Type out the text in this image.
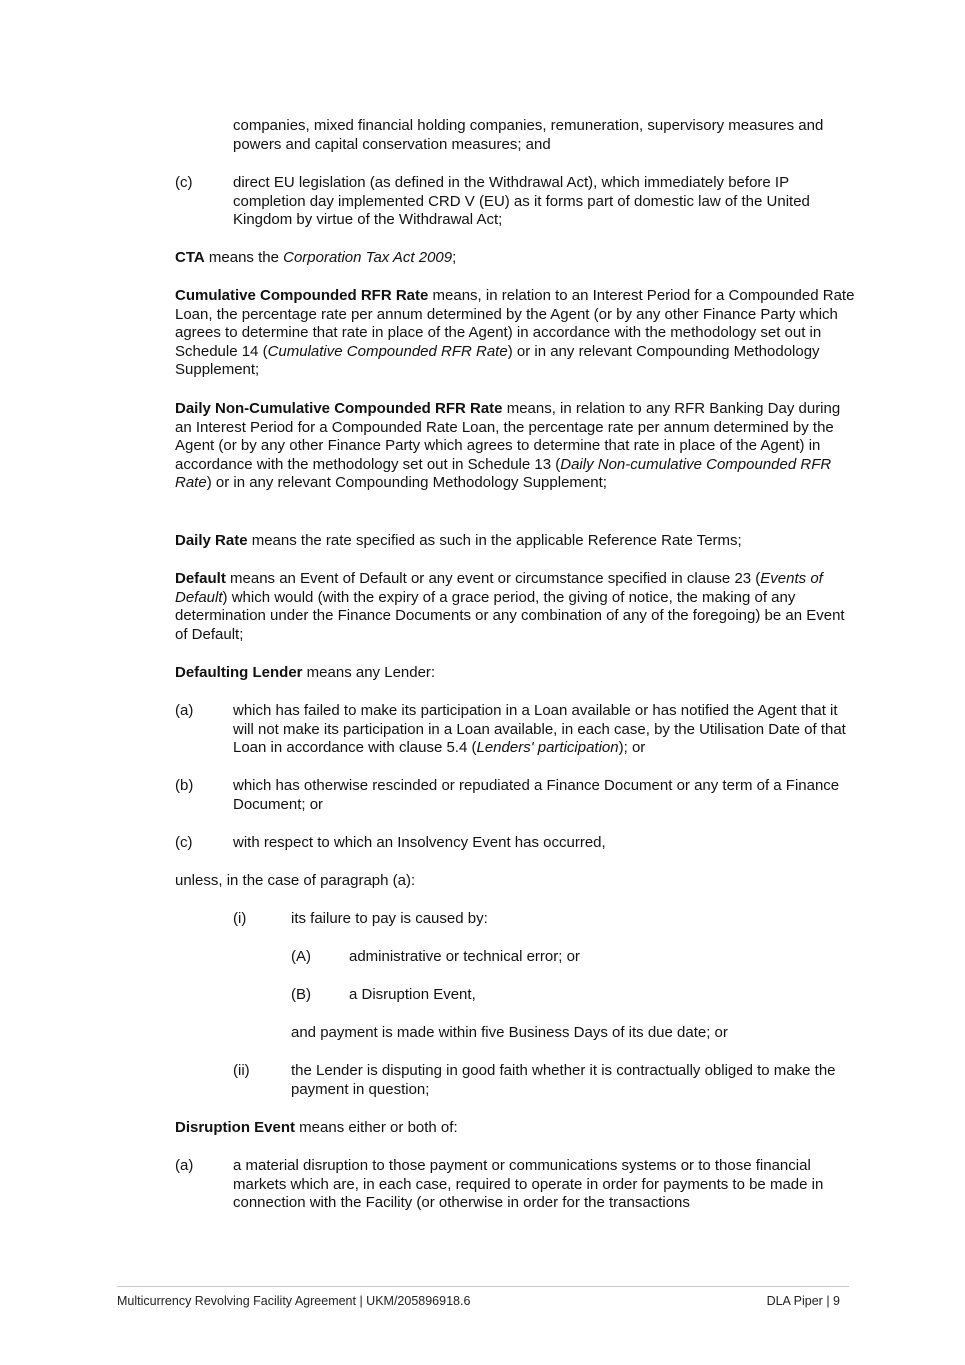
companies, mixed financial holding companies, remuneration, supervisory measures and powers and capital conservation measures; and

(c)	direct EU legislation (as defined in the Withdrawal Act), which immediately before IP completion day implemented CRD V (EU) as it forms part of domestic law of the United Kingdom by virtue of the Withdrawal Act;

CTA means the Corporation Tax Act 2009;

Cumulative Compounded RFR Rate means, in relation to an Interest Period for a Compounded Rate Loan, the percentage rate per annum determined by the Agent (or by any other Finance Party which agrees to determine that rate in place of the Agent) in accordance with the methodology set out in Schedule 14 (Cumulative Compounded RFR Rate) or in any relevant Compounding Methodology Supplement;

Daily Non-Cumulative Compounded RFR Rate means, in relation to any RFR Banking Day during an Interest Period for a Compounded Rate Loan, the percentage rate per annum determined by the Agent (or by any other Finance Party which agrees to determine that rate in place of the Agent) in accordance with the methodology set out in Schedule 13 (Daily Non-cumulative Compounded RFR Rate) or in any relevant Compounding Methodology Supplement;

Daily Rate means the rate specified as such in the applicable Reference Rate Terms;

Default means an Event of Default or any event or circumstance specified in clause 23 (Events of Default) which would (with the expiry of a grace period, the giving of notice, the making of any determination under the Finance Documents or any combination of any of the foregoing) be an Event of Default;

Defaulting Lender means any Lender:

(a)	which has failed to make its participation in a Loan available or has notified the Agent that it will not make its participation in a Loan available, in each case, by the Utilisation Date of that Loan in accordance with clause 5.4 (Lenders' participation); or

(b)	which has otherwise rescinded or repudiated a Finance Document or any term of a Finance Document; or

(c)	with respect to which an Insolvency Event has occurred,

unless, in the case of paragraph (a):

(i)	its failure to pay is caused by:

(A)	administrative or technical error; or

(B)	a Disruption Event,

and payment is made within five Business Days of its due date; or

(ii)	the Lender is disputing in good faith whether it is contractually obliged to make the payment in question;

Disruption Event means either or both of:

(a)	a material disruption to those payment or communications systems or to those financial markets which are, in each case, required to operate in order for payments to be made in connection with the Facility (or otherwise in order for the transactions

Multicurrency Revolving Facility Agreement | UKM/205896918.6	DLA Piper | 9
